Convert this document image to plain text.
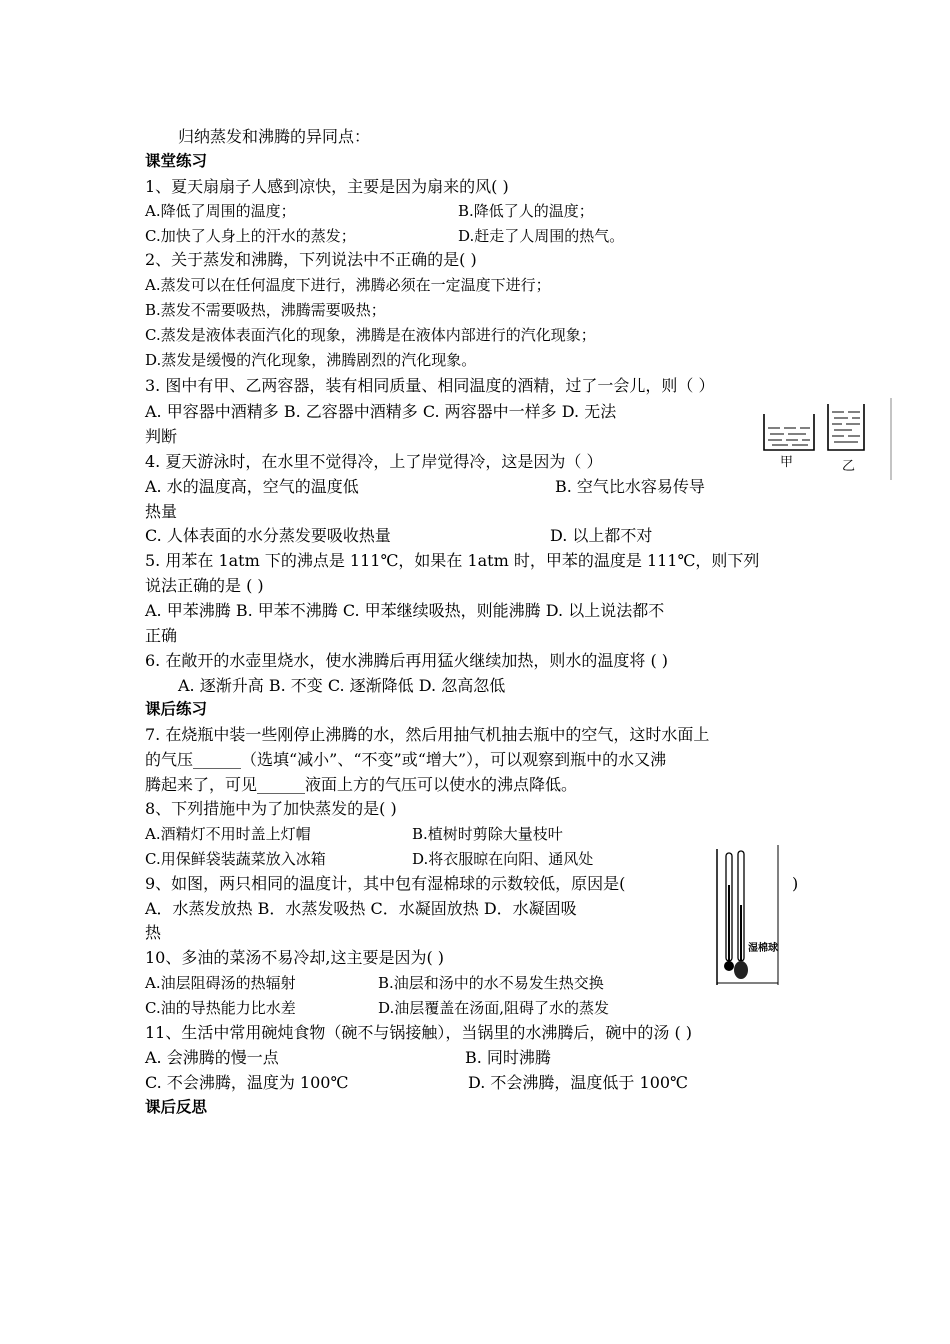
归纳蒸发和沸腾的异同点：
课堂练习
1、夏天扇扇子人感到凉快，主要是因为扇来的风( )
A.降低了周围的温度；	B.降低了人的温度；
C.加快了人身上的汗水的蒸发；	D.赶走了人周围的热气。
2、关于蒸发和沸腾，下列说法中不正确的是( )
A.蒸发可以在任何温度下进行，沸腾必须在一定温度下进行；
B.蒸发不需要吸热，沸腾需要吸热；
C.蒸发是液体表面汽化的现象，沸腾是在液体内部进行的汽化现象；
D.蒸发是缓慢的汽化现象，沸腾剧烈的汽化现象。
3. 图中有甲、乙两容器，装有相同质量、相同温度的酒精，过了一会儿，则（ ）
A. 甲容器中酒精多 B. 乙容器中酒精多 C. 两容器中一样多 D. 无法
判断
甲	乙
4. 夏天游泳时，在水里不觉得冷，上了岸觉得冷，这是因为（ ）
A. 水的温度高，空气的温度低	B. 空气比水容易传导
热量
C. 人体表面的水分蒸发要吸收热量	D. 以上都不对
5. 用苯在 1atm 下的沸点是 111℃，如果在 1atm 时，甲苯的温度是 111℃，则下列
说法正确的是 ( )
A. 甲苯沸腾 B. 甲苯不沸腾 C. 甲苯继续吸热，则能沸腾 D. 以上说法都不
正确
6. 在敞开的水壶里烧水，使水沸腾后再用猛火继续加热，则水的温度将 ( )
A. 逐渐升高 B. 不变 C. 逐渐降低 D. 忽高忽低
课后练习
7. 在烧瓶中装一些刚停止沸腾的水，然后用抽气机抽去瓶中的空气，这时水面上
的气压______（选填“减小”、“不变”或“增大”），可以观察到瓶中的水又沸
腾起来了，可见______液面上方的气压可以使水的沸点降低。
8、下列措施中为了加快蒸发的是( )
A.酒精灯不用时盖上灯帽	B.植树时剪除大量枝叶
C.用保鲜袋装蔬菜放入冰箱	D.将衣服晾在向阳、通风处
9、如图，两只相同的温度计，其中包有湿棉球的示数较低，原因是(	)
A．水蒸发放热 B．水蒸发吸热 C．水凝固放热 D．水凝固吸
热
湿棉球
10、多油的菜汤不易冷却,这主要是因为( )
A.油层阻碍汤的热辐射	B.油层和汤中的水不易发生热交换
C.油的导热能力比水差	D.油层覆盖在汤面,阻碍了水的蒸发
11、生活中常用碗炖食物（碗不与锅接触），当锅里的水沸腾后，碗中的汤 ( )
A. 会沸腾的慢一点	B. 同时沸腾
C. 不会沸腾，温度为 100℃	D. 不会沸腾，温度低于 100℃
课后反思
